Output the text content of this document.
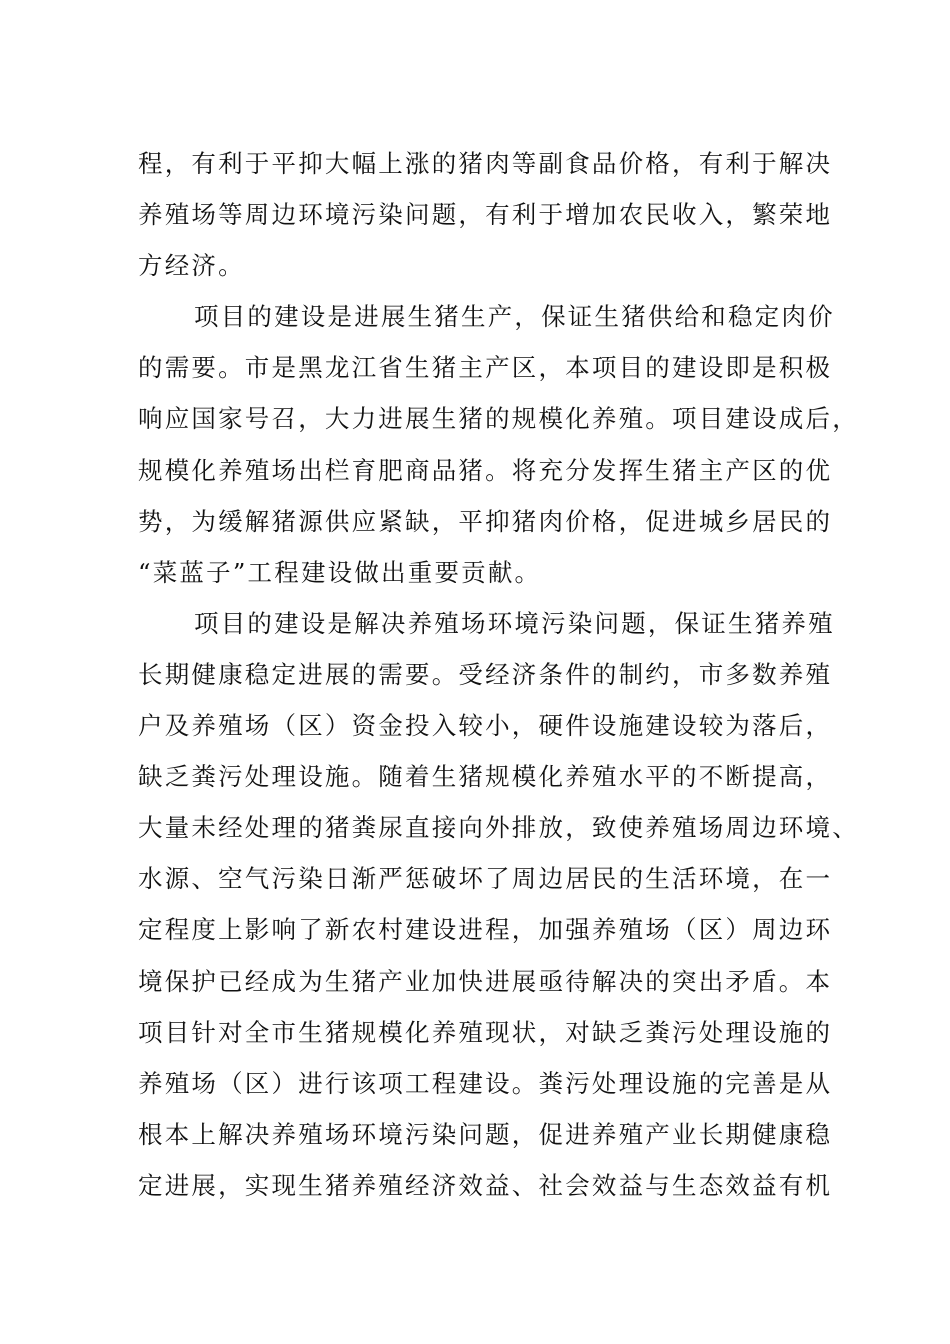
程，有利于平抑大幅上涨的猪肉等副食品价格，有利于解决
养殖场等周边环境污染问题，有利于增加农民收入，繁荣地
方经济。
项目的建设是进展生猪生产，保证生猪供给和稳定肉价
的需要。市是黑龙江省生猪主产区，本项目的建设即是积极
响应国家号召，大力进展生猪的规模化养殖。项目建设成后，
规模化养殖场出栏育肥商品猪。将充分发挥生猪主产区的优
势，为缓解猪源供应紧缺，平抑猪肉价格，促进城乡居民的
“菜蓝子”工程建设做出重要贡献。
项目的建设是解决养殖场环境污染问题，保证生猪养殖
长期健康稳定进展的需要。受经济条件的制约，市多数养殖
户及养殖场（区）资金投入较小，硬件设施建设较为落后，
缺乏粪污处理设施。随着生猪规模化养殖水平的不断提高，
大量未经处理的猪粪尿直接向外排放，致使养殖场周边环境、
水源、空气污染日渐严惩破坏了周边居民的生活环境，在一
定程度上影响了新农村建设进程，加强养殖场（区）周边环
境保护已经成为生猪产业加快进展亟待解决的突出矛盾。本
项目针对全市生猪规模化养殖现状，对缺乏粪污处理设施的
养殖场（区）进行该项工程建设。粪污处理设施的完善是从
根本上解决养殖场环境污染问题，促进养殖产业长期健康稳
定进展，实现生猪养殖经济效益、社会效益与生态效益有机
